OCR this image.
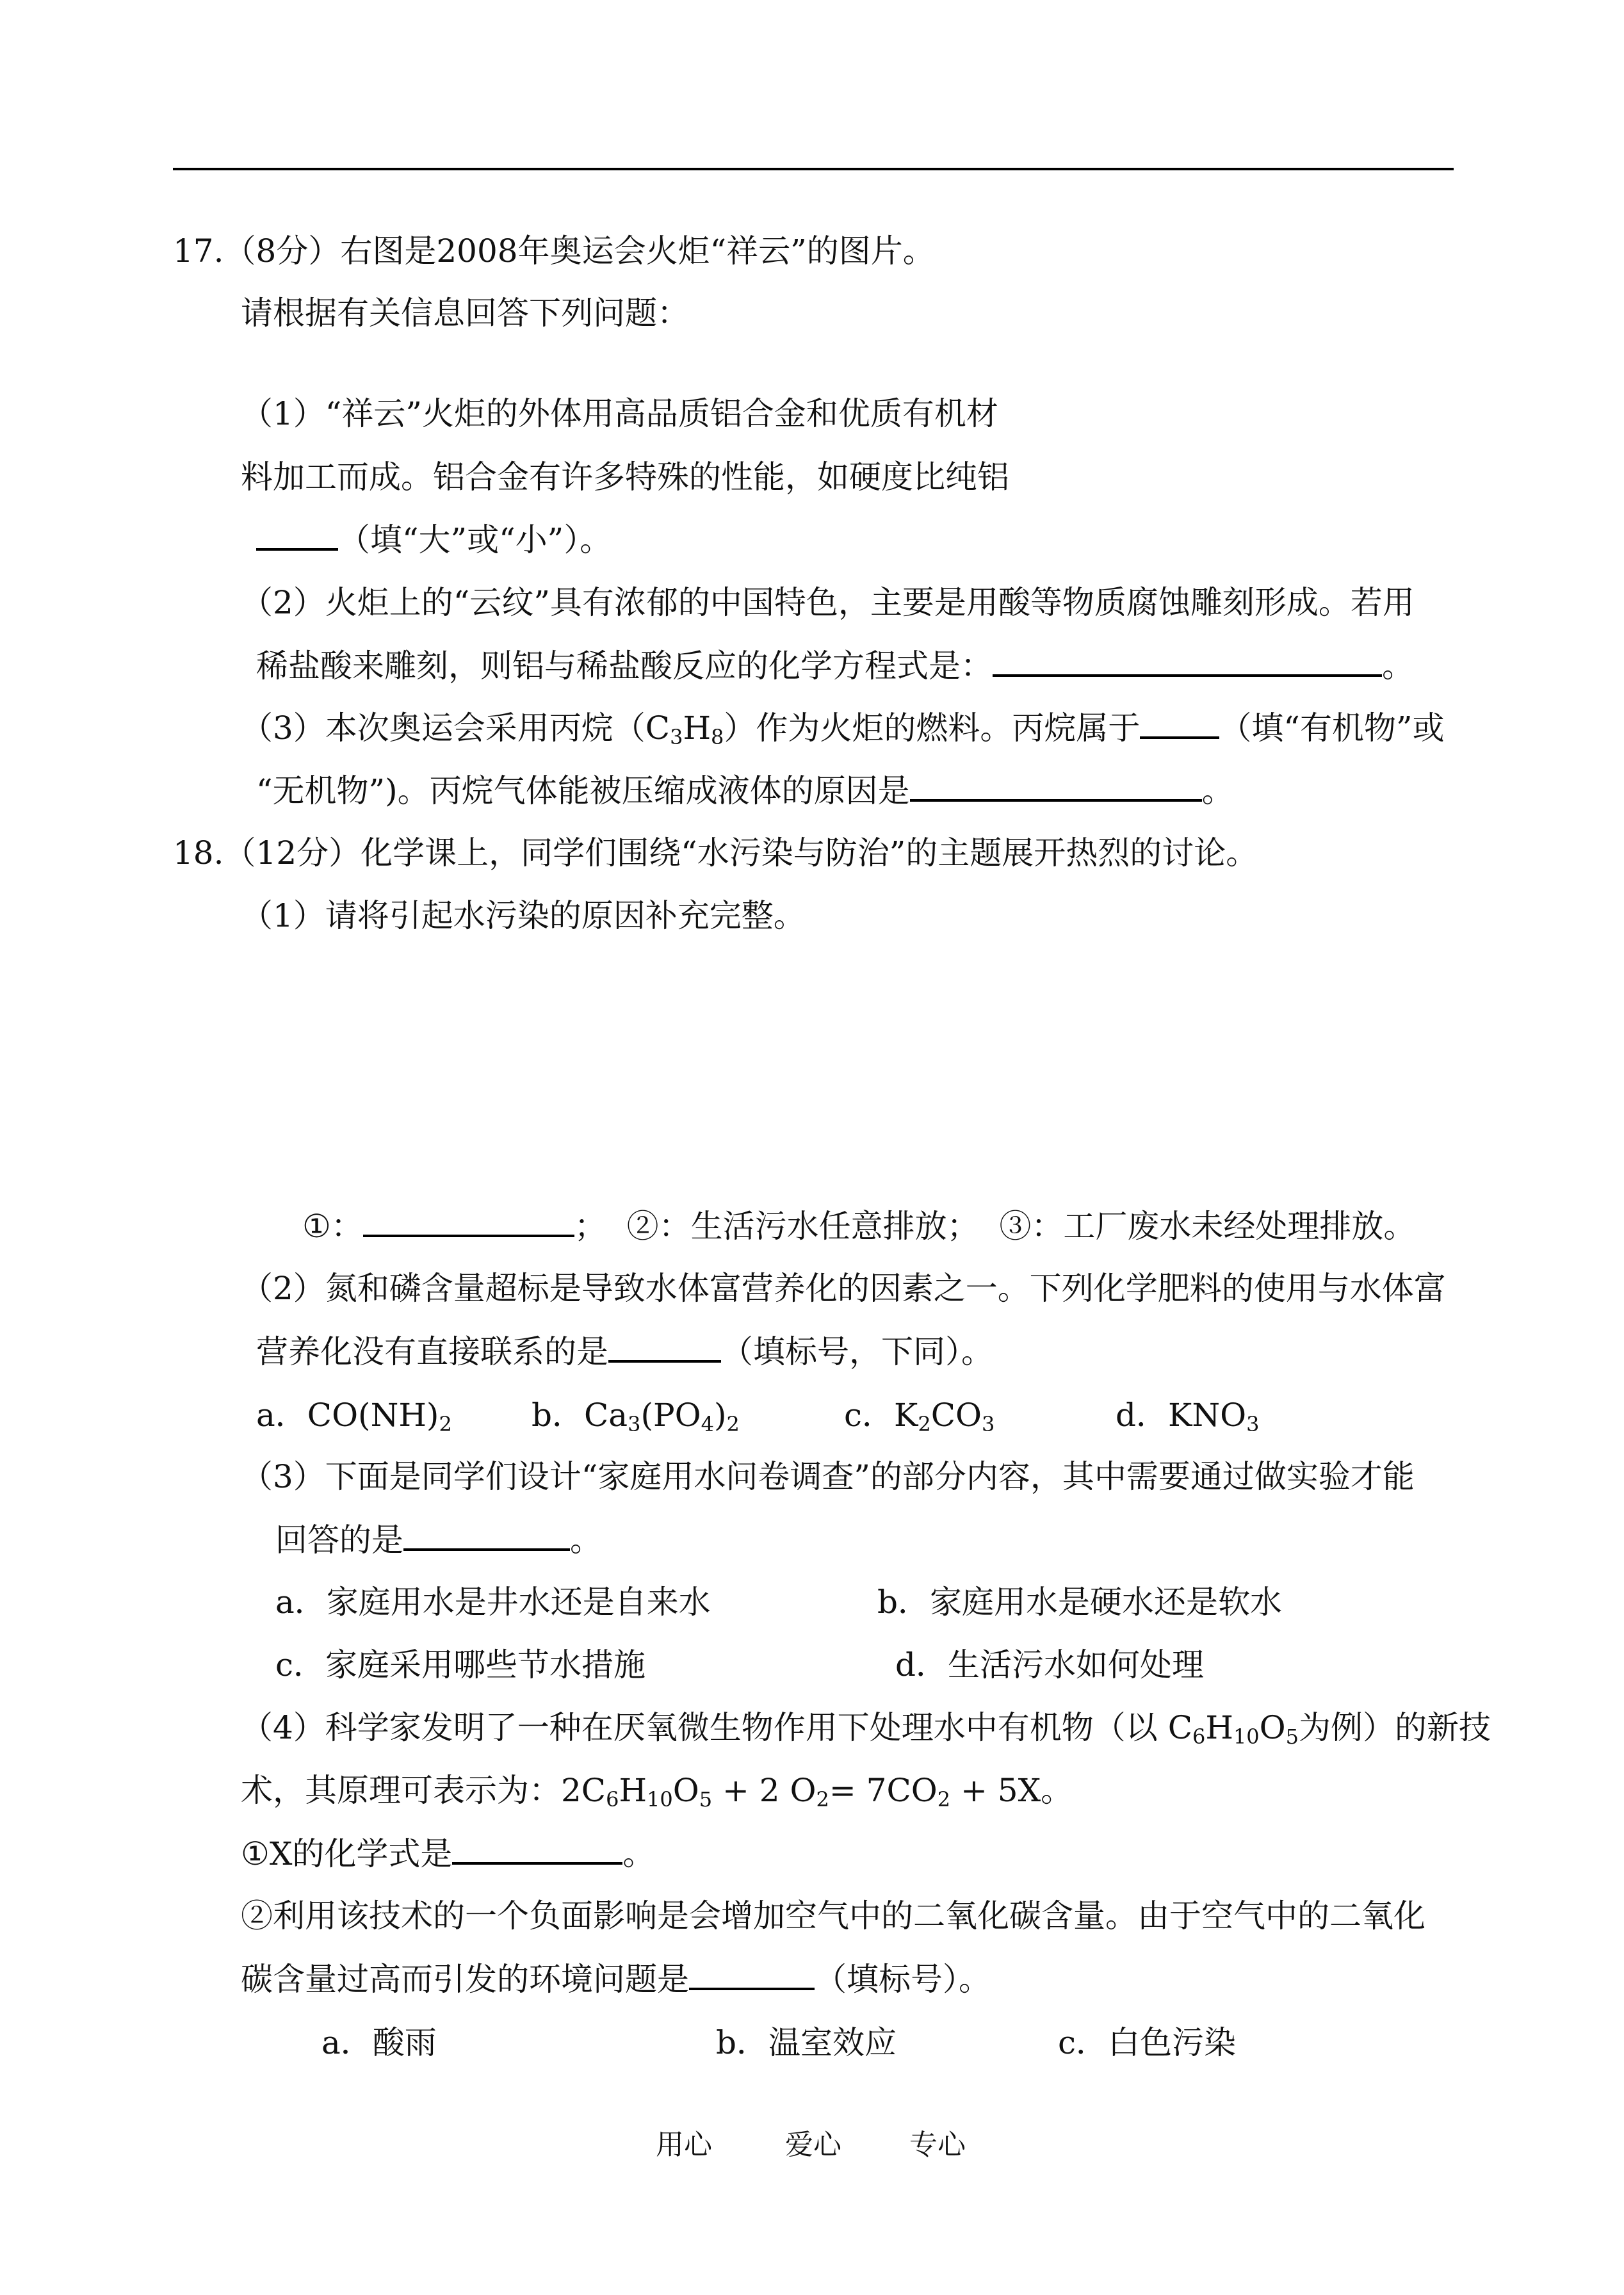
17.（8分）右图是2008年奥运会火炬“祥云”的图片。
请根据有关信息回答下列问题：
（1）“祥云”火炬的外体用高品质铝合金和优质有机材
料加工而成。铝合金有许多特殊的性能，如硬度比纯铝
（填“大”或“小”）。
（2）火炬上的“云纹”具有浓郁的中国特色，主要是用酸等物质腐蚀雕刻形成。若用
稀盐酸来雕刻，则铝与稀盐酸反应的化学方程式是：	。
（3）本次奥运会采用丙烷$(C_3H_8)$作为火炬的燃料。丙烷属于 （填“有机物”或
“无机物”)。丙烷气体能被压缩成液体的原因是	。
18.（12分）化学课上，同学们围绕“水污染与防治”的主题展开热烈的讨论。
（1）请将引起水污染的原因补充完整。
①：	；  ②：生活污水任意排放；  ③：工厂废水未经处理排放。
（2）氮和磷含量超标是导致水体富营养化的因素之一。下列化学肥料的使用与水体富
营养化没有直接联系的是	（填标号，下同）。
a．$CO(NH)_2$ b．$Ca_3(PO_4)_2$	c．$K_2CO_3$	d．$KNO_3$
（3）下面是同学们设计“家庭用水问卷调查”的部分内容，其中需要通过做实验才能
回答的是	。
a．家庭用水是井水还是自来水	b．家庭用水是硬水还是软水
c．家庭采用哪些节水措施	d．生活污水如何处理
（4）科学家发明了一种在厌氧微生物作用下处理水中有机物（以 $C_6H_{10}O_5$为例）的新技
术，其原理可表示为：$2C_6H_{10}O_5 + 2$ $O_2= 7CO_2 + 5X$。
①X的化学式是	。
②利用该技术的一个负面影响是会增加空气中的二氧化碳含量。由于空气中的二氧化
碳含量过高而引发的环境问题是	（填标号）。
a．酸雨	b．温室效应	c．白色污染
用心	爱心 专心
